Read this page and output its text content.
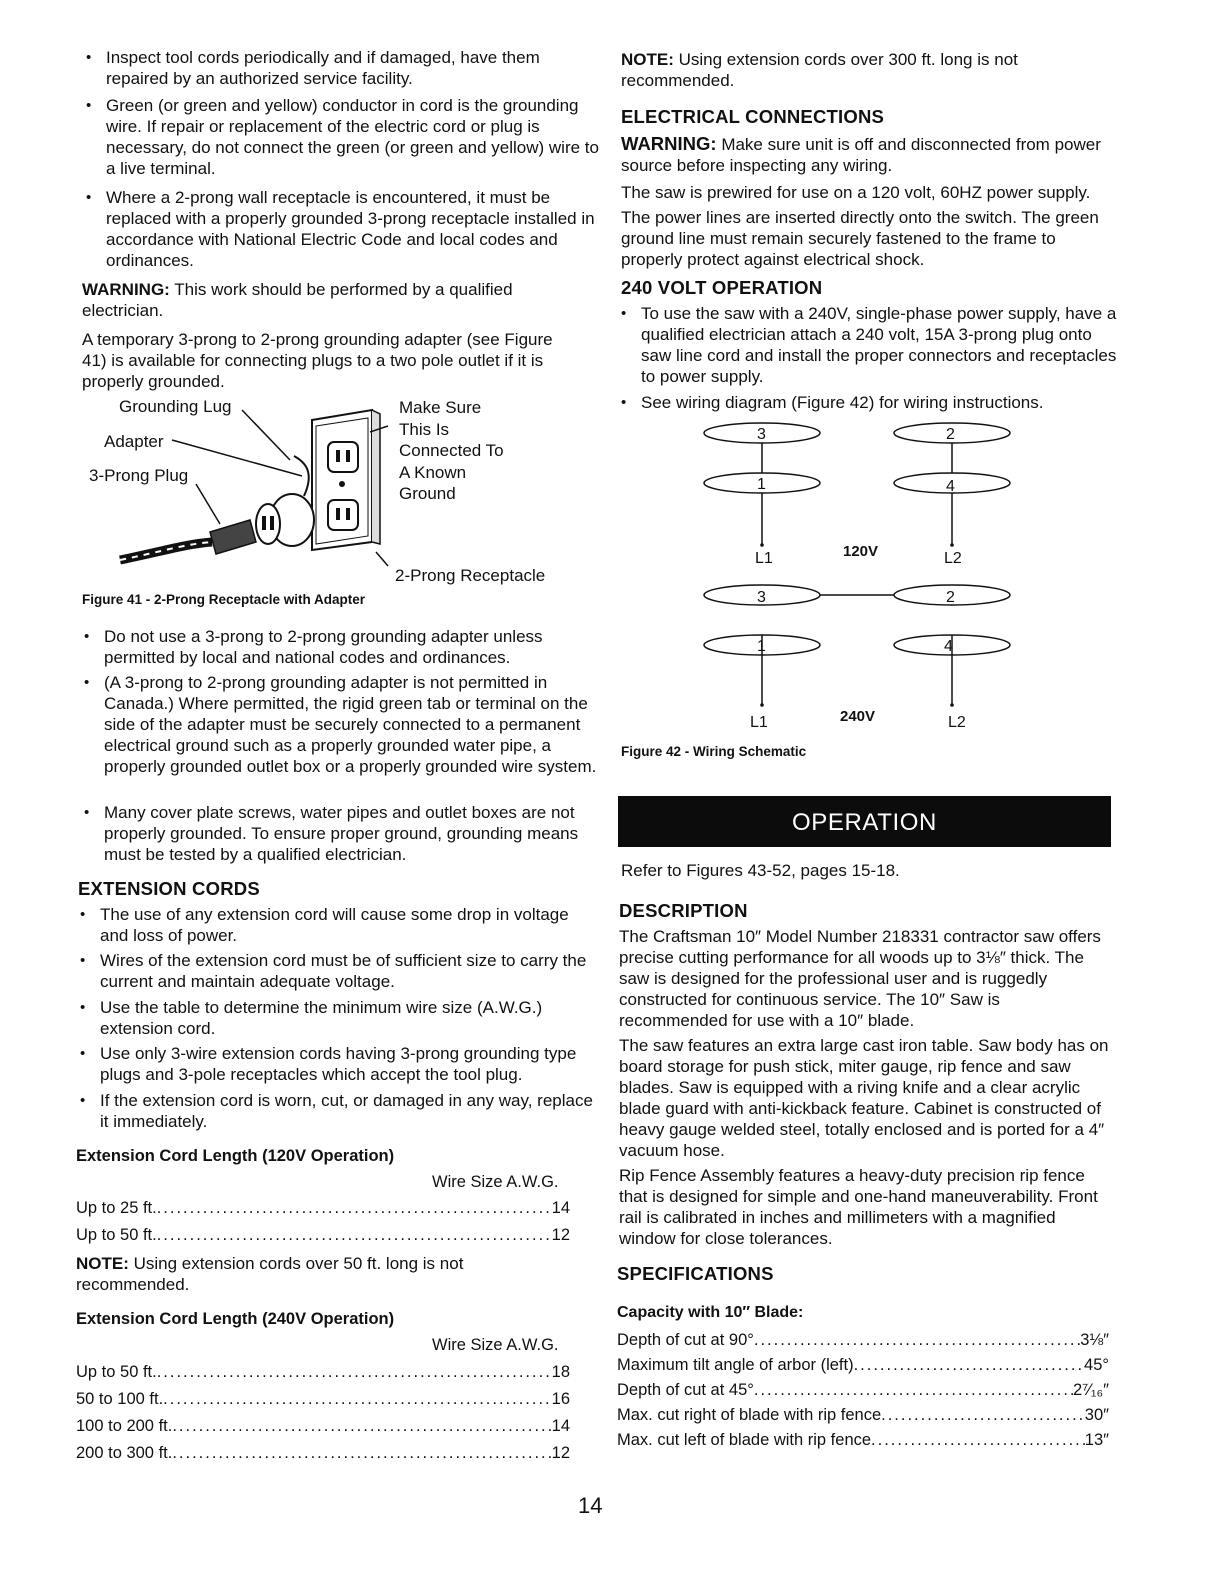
• Inspect tool cords periodically and if damaged, have them repaired by an authorized service facility.
• Green (or green and yellow) conductor in cord is the grounding wire. If repair or replacement of the electric cord or plug is necessary, do not connect the green (or green and yellow) wire to a live terminal.
• Where a 2-prong wall receptacle is encountered, it must be replaced with a properly grounded 3-prong receptacle installed in accordance with National Electric Code and local codes and ordinances.

WARNING: This work should be performed by a qualified electrician.

A temporary 3-prong to 2-prong grounding adapter (see Figure 41) is available for connecting plugs to a two pole outlet if it is properly grounded.

Grounding Lug
Adapter
3-Prong Plug
Make Sure
This Is
Connected To
A Known
Ground
2-Prong Receptacle
Figure 41 - 2-Prong Receptacle with Adapter
• Do not use a 3-prong to 2-prong grounding adapter unless permitted by local and national codes and ordinances.
• (A 3-prong to 2-prong grounding adapter is not permitted in Canada.) Where permitted, the rigid green tab or terminal on the side of the adapter must be securely connected to a permanent electrical ground such as a properly grounded water pipe, a properly grounded outlet box or a properly grounded wire system.
• Many cover plate screws, water pipes and outlet boxes are not properly grounded. To ensure proper ground, grounding means must be tested by a qualified electrician.
EXTENSION CORDS
• The use of any extension cord will cause some drop in voltage and loss of power.
• Wires of the extension cord must be of sufficient size to carry the current and maintain adequate voltage.
• Use the table to determine the minimum wire size (A.W.G.) extension cord.
• Use only 3-wire extension cords having 3-prong grounding type plugs and 3-pole receptacles which accept the tool plug.
• If the extension cord is worn, cut, or damaged in any way, replace it immediately.
Extension Cord Length (120V Operation)
Wire Size A.W.G.
Up to 25 ft. .....	14
Up to 50 ft. .....	12

NOTE: Using extension cords over 50 ft. long is not recommended.

Extension Cord Length (240V Operation)
Wire Size A.W.G.
Up to 50 ft. .....	18
50 to 100 ft. .....	16
100 to 200 ft. .....	14
200 to 300 ft. .....	12

NOTE: Using extension cords over 300 ft. long is not recommended.

ELECTRICAL CONNECTIONS

WARNING: Make sure unit is off and disconnected from power source before inspecting any wiring.

The saw is prewired for use on a 120 volt, 60HZ power supply.

The power lines are inserted directly onto the switch. The green ground line must remain securely fastened to the frame to properly protect against electrical shock.

240 VOLT OPERATION
• To use the saw with a 240V, single-phase power supply, have a qualified electrician attach a 240 volt, 15A 3-prong plug onto saw line cord and install the proper connectors and receptacles to power supply.
• See wiring diagram (Figure 42) for wiring instructions.
3	2
1	4
L1	120V	L2
3	2
1	4
L1	240V	L2
Figure 42 - Wiring Schematic
OPERATION

Refer to Figures 43-52, pages 15-18.

DESCRIPTION

The Craftsman 10″ Model Number 218331 contractor saw offers precise cutting performance for all woods up to 3⅛″ thick. The saw is designed for the professional user and is ruggedly constructed for continuous service. The 10″ Saw is recommended for use with a 10″ blade.

The saw features an extra large cast iron table. Saw body has on board storage for push stick, miter gauge, rip fence and saw blades. Saw is equipped with a riving knife and a clear acrylic blade guard with anti-kickback feature. Cabinet is constructed of heavy gauge welded steel, totally enclosed and is ported for a 4″ vacuum hose.

Rip Fence Assembly features a heavy-duty precision rip fence that is designed for simple and one-hand maneuverability. Front rail is calibrated in inches and millimeters with a magnified window for close tolerances.

SPECIFICATIONS
Capacity with 10″ Blade:
Depth of cut at 90° .....	3⅛″
Maximum tilt angle of arbor (left) .....	45°
Depth of cut at 45° .....	2⁷⁄₁₆″
Max. cut right of blade with rip fence .....	30″
Max. cut left of blade with rip fence .....	13″
14
